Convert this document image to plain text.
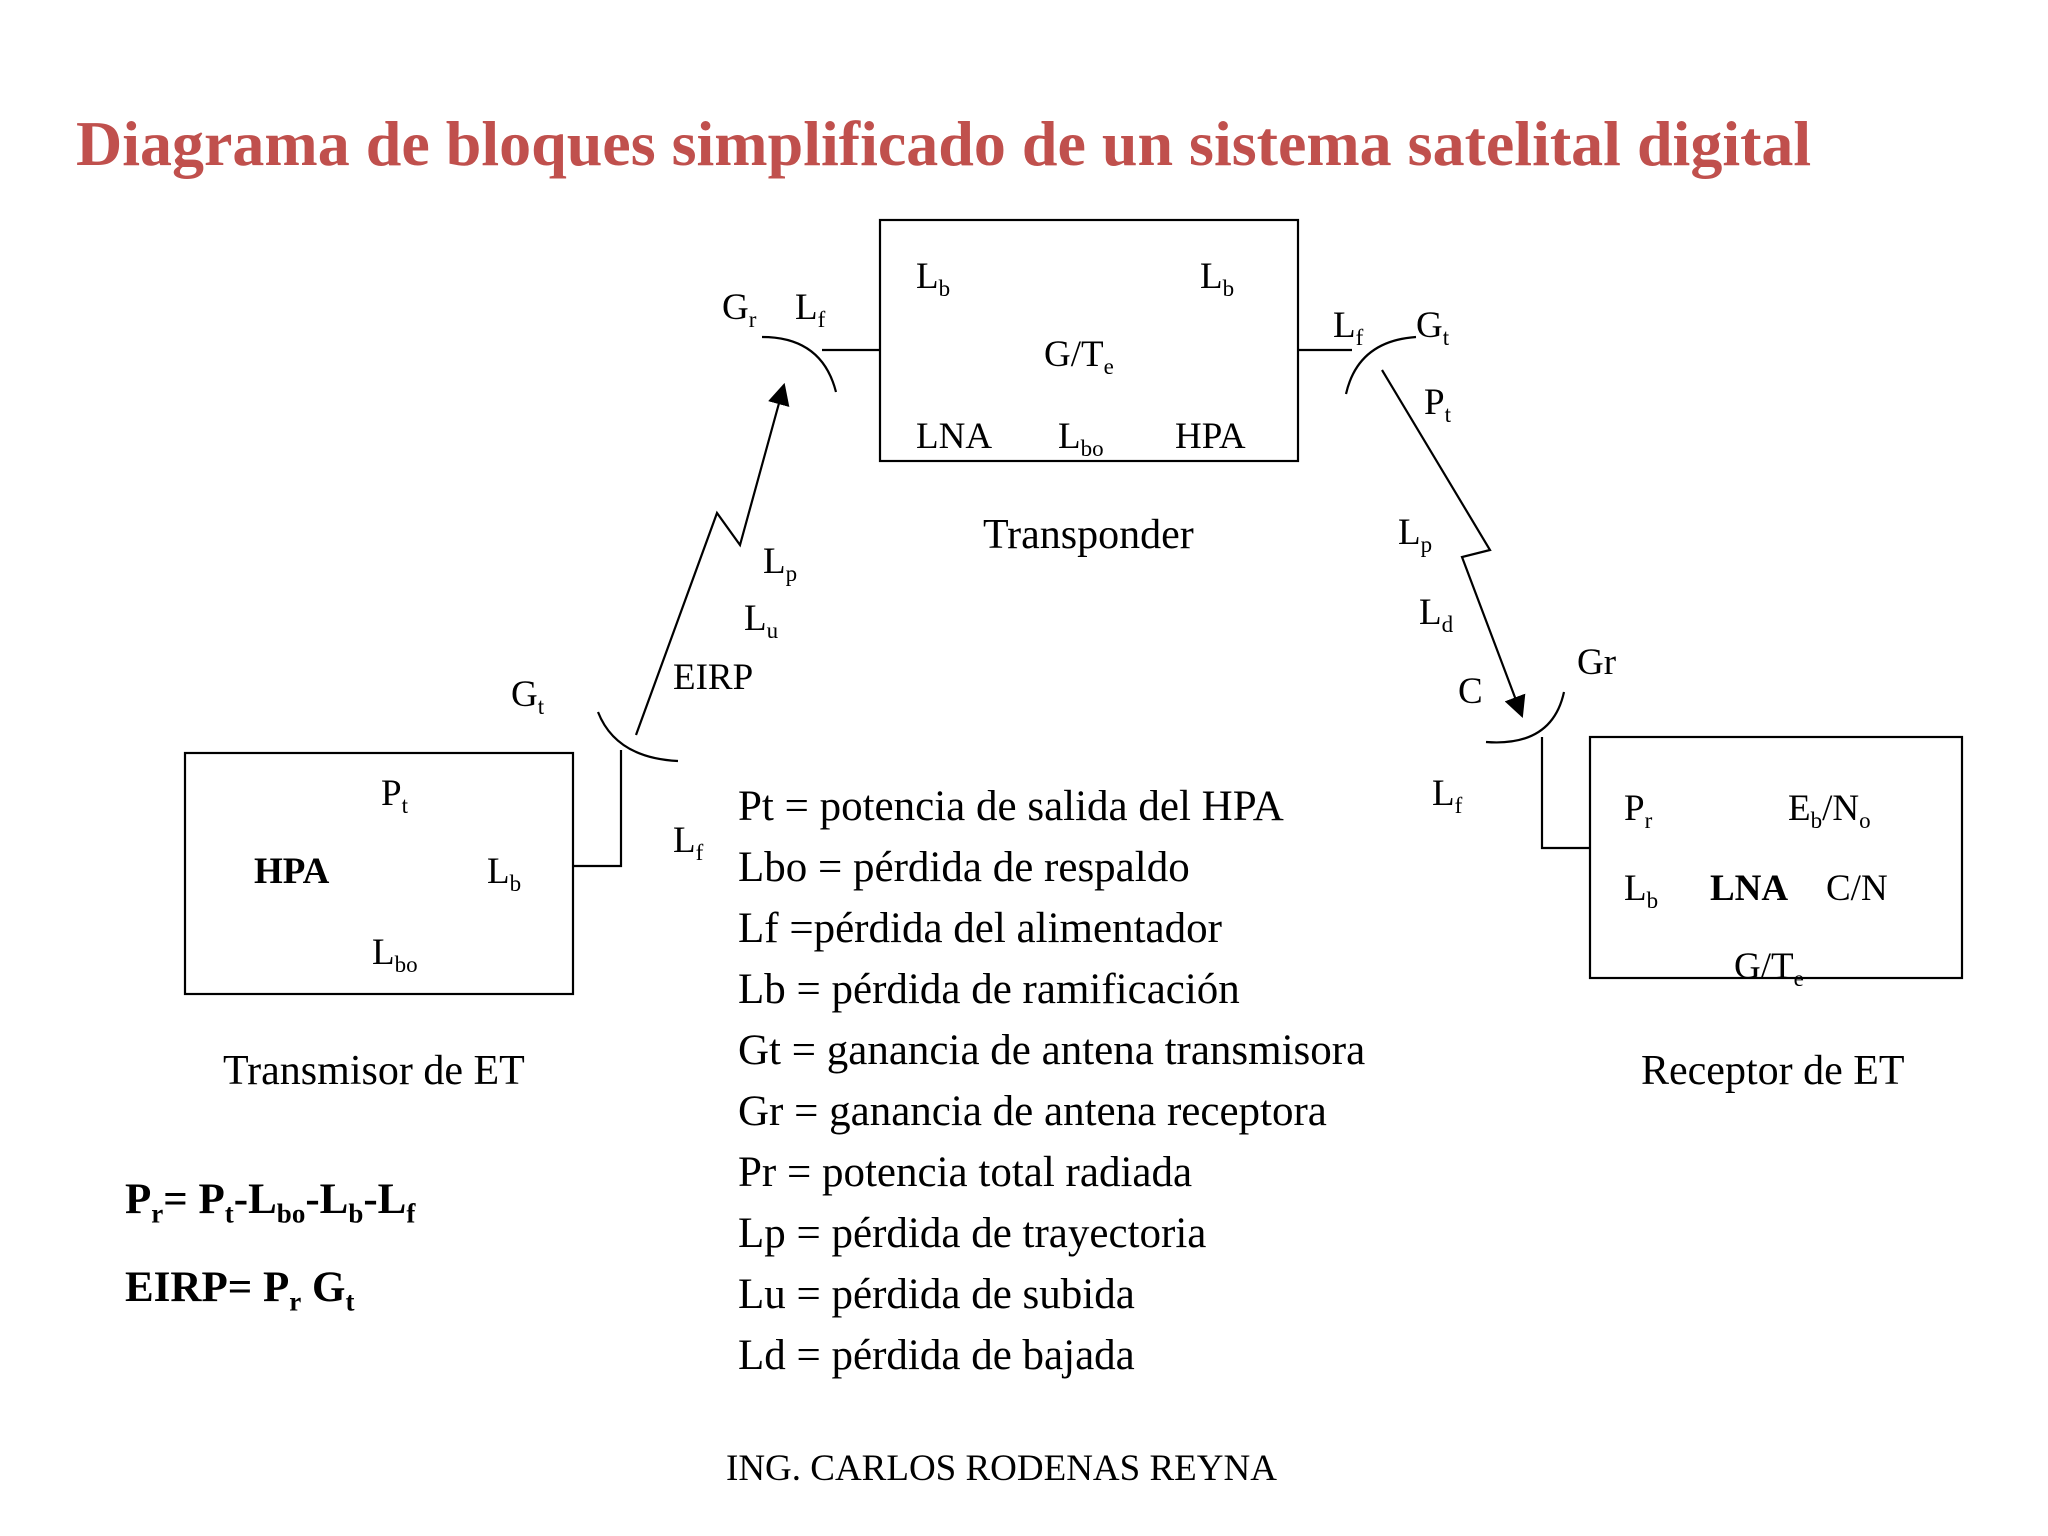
Diagrama de bloques simplificado de un sistema satelital digital
$L_b$	$L_b$
$G/T_e$
LNA $L_{bo}$ HPA
Transponder
$G_r$ $L_f$
$L_p$
$L_u$
EIRP
$G_t$
$L_f$
$L_f$ $G_t$
$P_t$
$L_p$
$L_d$
C
Gr
$L_f$
$P_t$
HPA	$L_b$
$L_{bo}$
Transmisor de ET
$P_r$	$E_b/N_o$
$L_b$ LNA C/N
$G/T_e$
Receptor de ET
Pt = potencia de salida del HPA
Lbo = pérdida de respaldo
Lf =pérdida del alimentador
Lb = pérdida de ramificación
Gt = ganancia de antena transmisora
Gr = ganancia de antena receptora
Pr = potencia total radiada
Lp = pérdida de trayectoria
Lu = pérdida de subida
Ld = pérdida de bajada
$P_r= P_t-L_{bo}-L_b-L_f$
EIRP= $P_r$ $G_t$
ING. CARLOS RODENAS REYNA
